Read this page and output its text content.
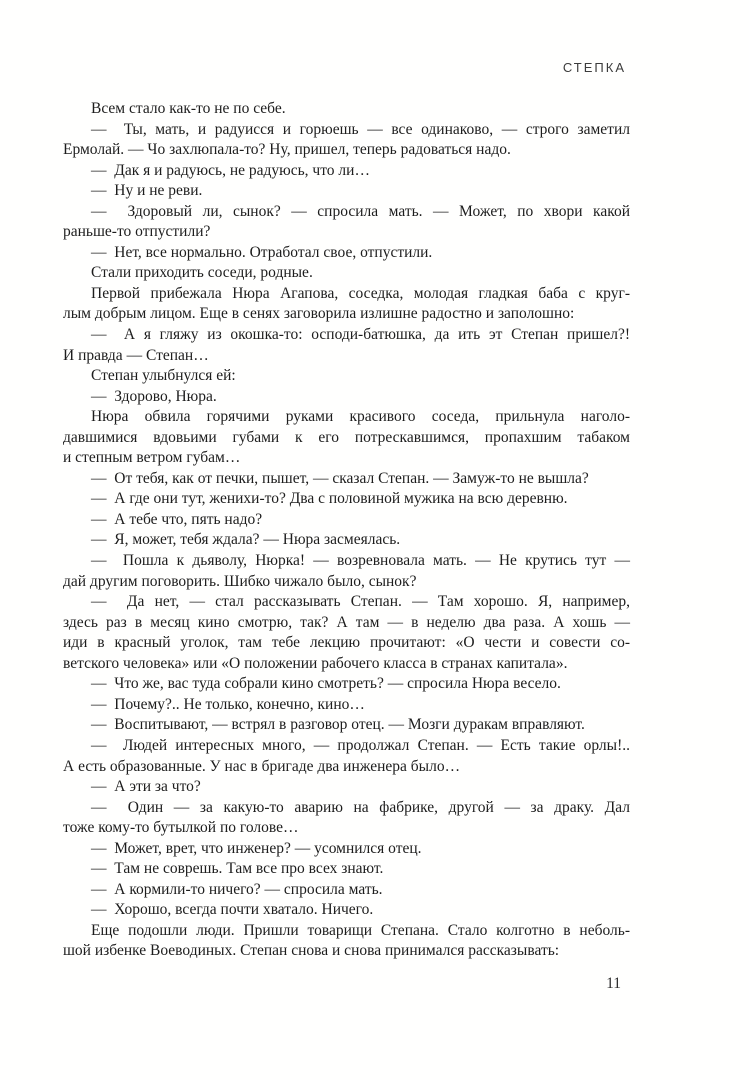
СТЕПКА
Всем стало как-то не по себе.
—  Ты, мать, и радуисся и горюешь — все одинаково, — строго заметил
Ермолай. — Чо захлюпала-то? Ну, пришел, теперь радоваться надо.
—  Дак я и радуюсь, не радуюсь, что ли…
—  Ну и не реви.
—  Здоровый ли, сынок? — спросила мать. — Может, по хвори какой
раньше-то отпустили?
—  Нет, все нормально. Отработал свое, отпустили.
Стали приходить соседи, родные.
Первой прибежала Нюра Агапова, соседка, молодая гладкая баба с круг-
лым добрым лицом. Еще в сенях заговорила излишне радостно и заполошно:
—  А я гляжу из окошка-то: осподи-батюшка, да ить эт Степан пришел?!
И правда — Степан…
Степан улыбнулся ей:
—  Здорово, Нюра.
Нюра обвила горячими руками красивого соседа, прильнула наголо-
давшимися вдовьими губами к его потрескавшимся, пропахшим табаком
и степным ветром губам…
—  От тебя, как от печки, пышет, — сказал Степан. — Замуж-то не вышла?
—  А где они тут, женихи-то? Два с половиной мужика на всю деревню.
—  А тебе что, пять надо?
—  Я, может, тебя ждала? — Нюра засмеялась.
—  Пошла к дьяволу, Нюрка! — возревновала мать. — Не крутись тут —
дай другим поговорить. Шибко чижало было, сынок?
—  Да нет, — стал рассказывать Степан. — Там хорошо. Я, например,
здесь раз в месяц кино смотрю, так? А там — в неделю два раза. А хошь —
иди в красный уголок, там тебе лекцию прочитают: «О чести и совести со-
ветского человека» или «О положении рабочего класса в странах капитала».
—  Что же, вас туда собрали кино смотреть? — спросила Нюра весело.
—  Почему?.. Не только, конечно, кино…
—  Воспитывают, — встрял в разговор отец. — Мозги дуракам вправляют.
—  Людей интересных много, — продолжал Степан. — Есть такие орлы!..
А есть образованные. У нас в бригаде два инженера было…
—  А эти за что?
—  Один — за какую-то аварию на фабрике, другой — за драку. Дал
тоже кому-то бутылкой по голове…
—  Может, врет, что инженер? — усомнился отец.
—  Там не соврешь. Там все про всех знают.
—  А кормили-то ничего? — спросила мать.
—  Хорошо, всегда почти хватало. Ничего.
Еще подошли люди. Пришли товарищи Степана. Стало колготно в неболь-
шой избенке Воеводиных. Степан снова и снова принимался рассказывать:
11
